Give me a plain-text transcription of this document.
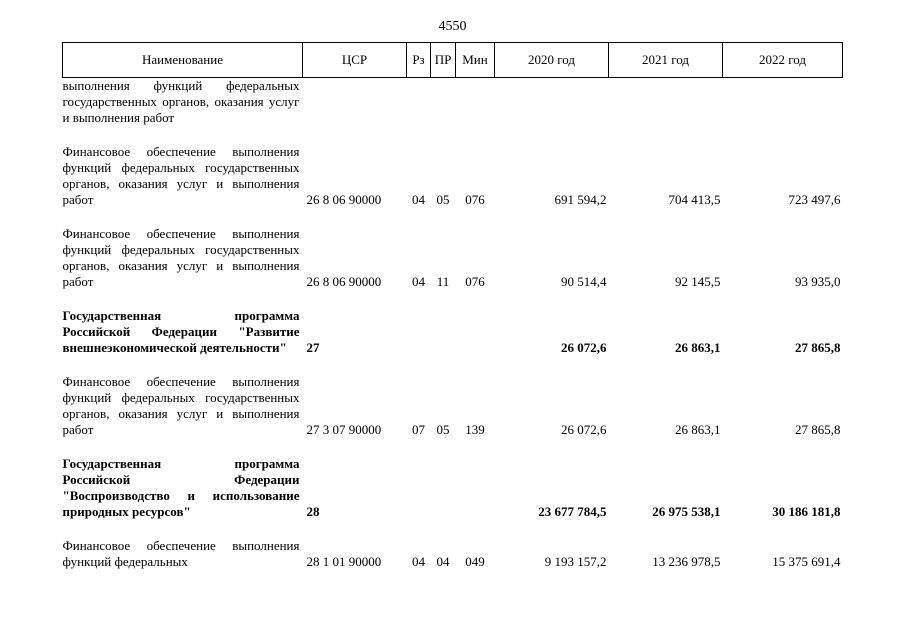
4550
Наименование	ЦСР	Рз	ПР	Мин	2020 год	2021 год	2022 год
выполнения функций федеральных государственных органов, оказания услуг и выполнения работ							

Финансовое обеспечение выполнения функций федеральных государственных органов, оказания услуг и выполнения работ	26 8 06 90000	04	05	076	691 594,2	704 413,5	723 497,6

Финансовое обеспечение выполнения функций федеральных государственных органов, оказания услуг и выполнения работ	26 8 06 90000	04	11	076	90 514,4	92 145,5	93 935,0

Государственная программа Российской Федерации "Развитие внешнеэкономической деятельности"	27				26 072,6	26 863,1	27 865,8

Финансовое обеспечение выполнения функций федеральных государственных органов, оказания услуг и выполнения работ	27 3 07 90000	07	05	139	26 072,6	26 863,1	27 865,8

Государственная программа Российской Федерации "Воспроизводство и использование природных ресурсов"	28				23 677 784,5	26 975 538,1	30 186 181,8

Финансовое обеспечение выполнения функций федеральных	28 1 01 90000	04	04	049	9 193 157,2	13 236 978,5	15 375 691,4
